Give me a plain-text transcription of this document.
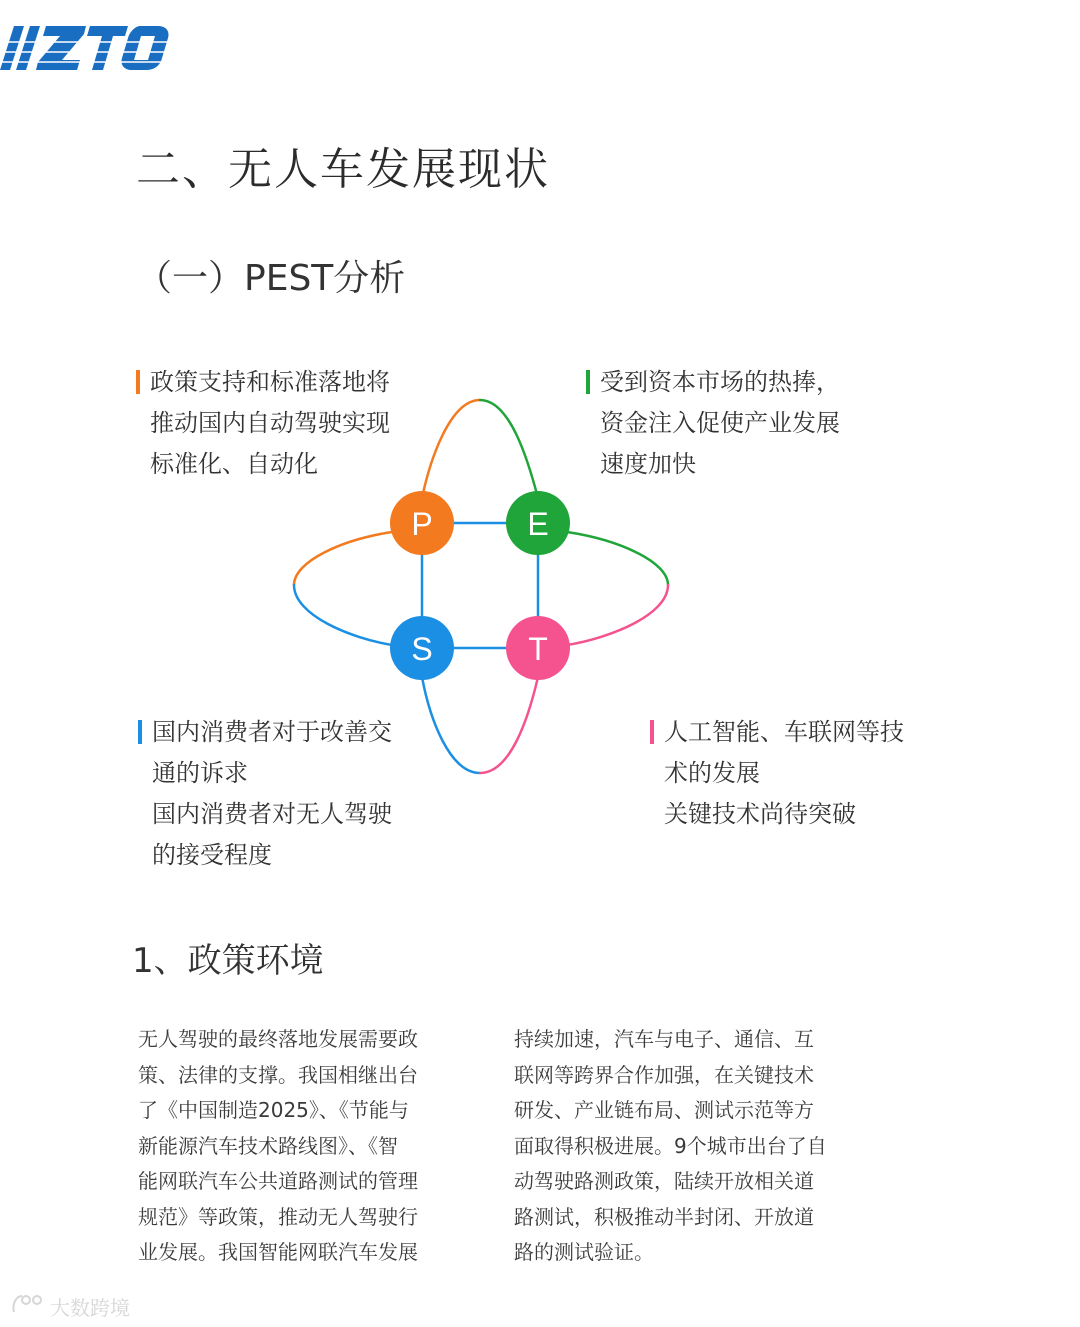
二、无人车发展现状
（一）PEST分析
政策支持和标准落地将
推动国内自动驾驶实现
标准化、自动化
受到资本市场的热捧，
资金注入促使产业发展
速度加快
国内消费者对于改善交
通的诉求
国内消费者对无人驾驶
的接受程度
人工智能、车联网等技
术的发展
关键技术尚待突破
P	E
S	T
1、政策环境
无人驾驶的最终落地发展需要政
策、法律的支撑。我国相继出台
了《中国制造2025》、《节能与
新能源汽车技术路线图》、《智
能网联汽车公共道路测试的管理
规范》等政策，推动无人驾驶行
业发展。我国智能网联汽车发展
持续加速，汽车与电子、通信、互
联网等跨界合作加强，在关键技术
研发、产业链布局、测试示范等方
面取得积极进展。9个城市出台了自
动驾驶路测政策，陆续开放相关道
路测试，积极推动半封闭、开放道
路的测试验证。
大数跨境
